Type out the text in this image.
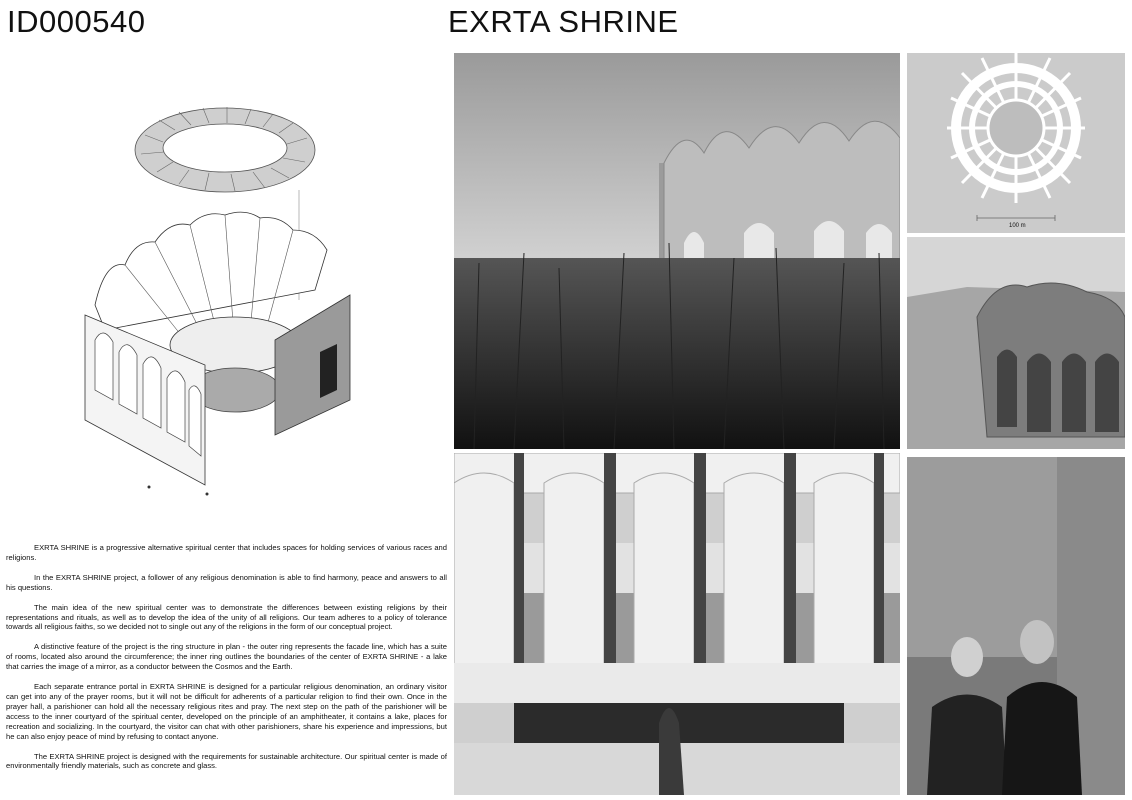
ID000540	EXRTA SHRINE

EXRTA SHRINE is a progressive alternative spiritual center that includes spaces for holding services of various races and religions.

In the EXRTA SHRINE project, a follower of any religious denomination is able to find harmony, peace and answers to all his questions.

The main idea of the new spiritual center was to demonstrate the differences between existing religions by their representations and rituals, as well as to develop the idea of the unity of all religions. Our team adheres to a policy of tolerance towards all religious faiths, so we decided not to single out any of the religions in the form of our conceptual project.

A distinctive feature of the project is the ring structure in plan - the outer ring represents the facade line, which has a suite of rooms, located also around the circumference; the inner ring outlines the boundaries of the center of EXRTA SHRINE - a lake that carries the image of a mirror, as a conductor between the Cosmos and the Earth.

Each separate entrance portal in EXRTA SHRINE is designed for a particular religious denomination, an ordinary visitor can get into any of the prayer rooms, but it will not be difficult for adherents of a particular religion to find their own. Once in the prayer hall, a parishioner can hold all the necessary religious rites and pray. The next step on the path of the parishioner will be access to the inner courtyard of the spiritual center, developed on the principle of an amphitheater, it contains a lake, places for recreation and socializing. In the courtyard, the visitor can chat with other parishioners, share his experience and impressions, but he can also enjoy peace of mind by refusing to contact anyone.

The EXRTA SHRINE project is designed with the requirements for sustainable architecture. Our spiritual center is made of environmentally friendly materials, such as concrete and glass.

100 m
